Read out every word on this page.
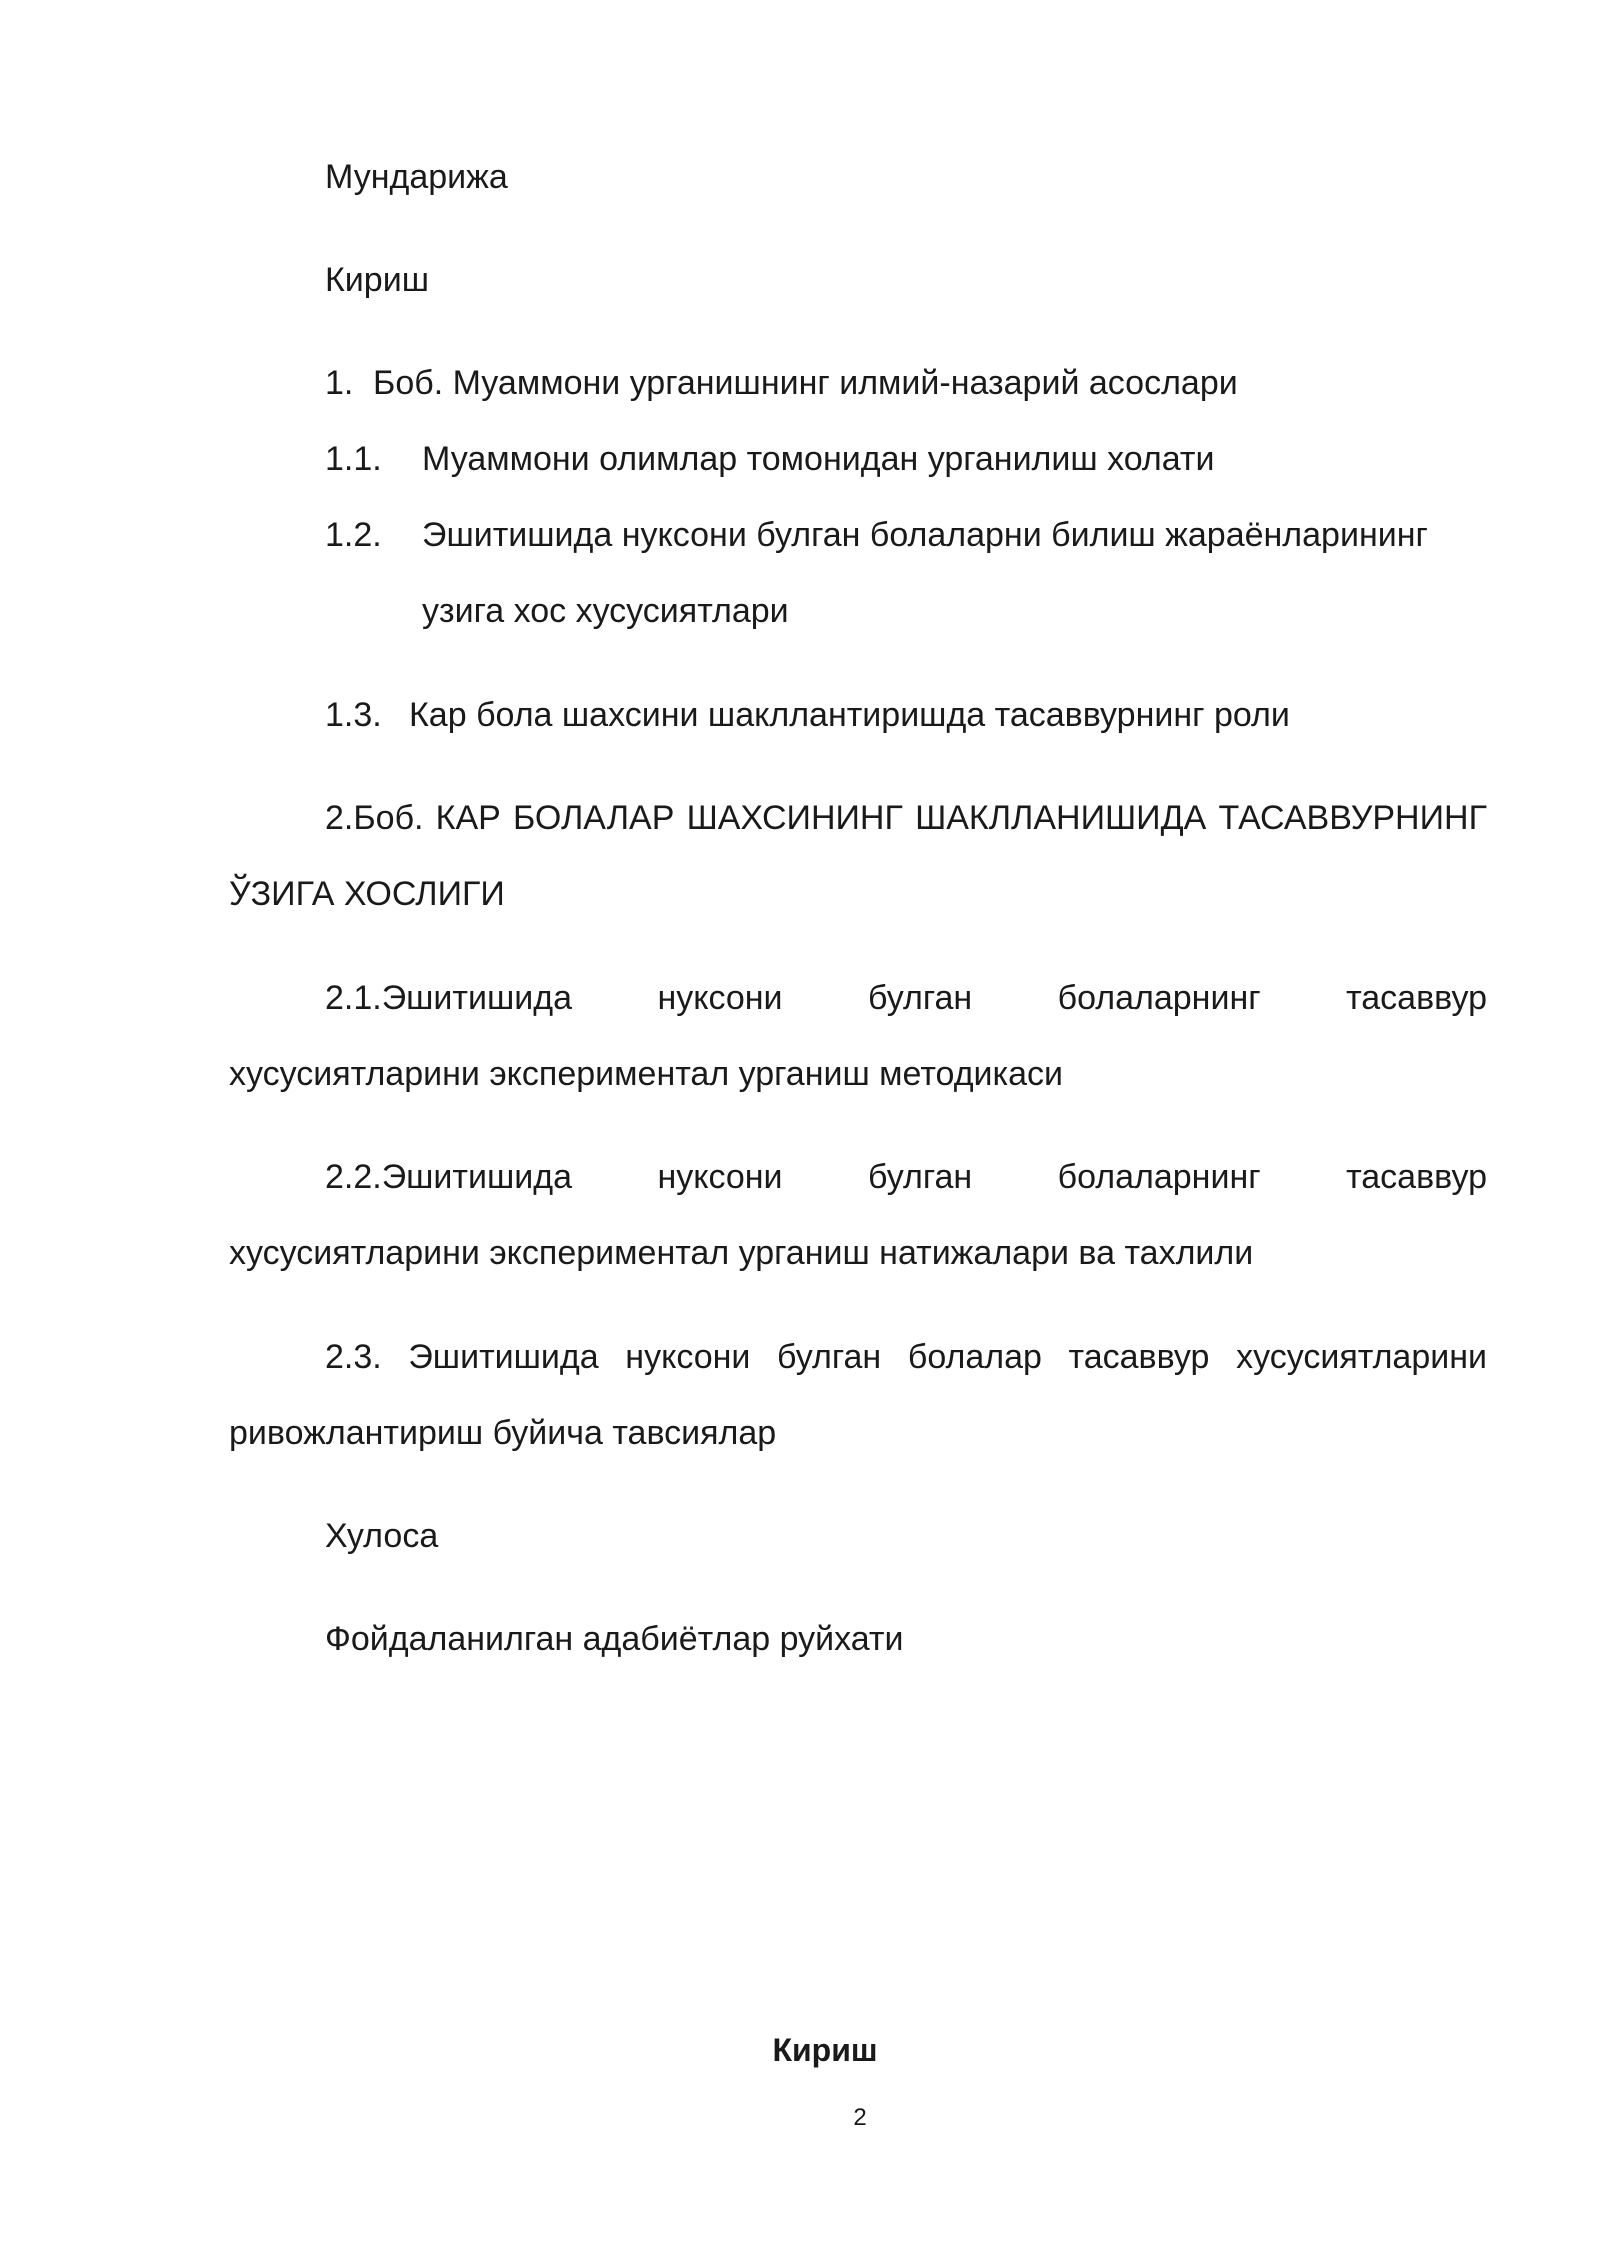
Мундарижа
Кириш
1. Боб. Муаммони урганишнинг илмий-назарий асослари
1.1. Муаммони олимлар томонидан урганилиш холати
1.2. Эшитишида нуксони булган болаларни билиш жараёнларининг
узига хос хусусиятлари
1.3. Кар бола шахсини шакллантиришда тасаввурнинг роли
2.Боб. КАР БОЛАЛАР ШАХСИНИНГ ШАКЛЛАНИШИДА ТАСАВВУРНИНГ
ЎЗИГА ХОСЛИГИ
2.1.Эшитишида нуксони булган болаларнинг тасаввур
хусусиятларини экспериментал урганиш методикаси
2.2.Эшитишида нуксони булган болаларнинг тасаввур
хусусиятларини экспериментал урганиш натижалари ва тахлили
2.3. Эшитишида нуксони булган болалар тасаввур хусусиятларини
ривожлантириш буйича тавсиялар
Хулоса
Фойдаланилган адабиётлар руйхати
Кириш
2
